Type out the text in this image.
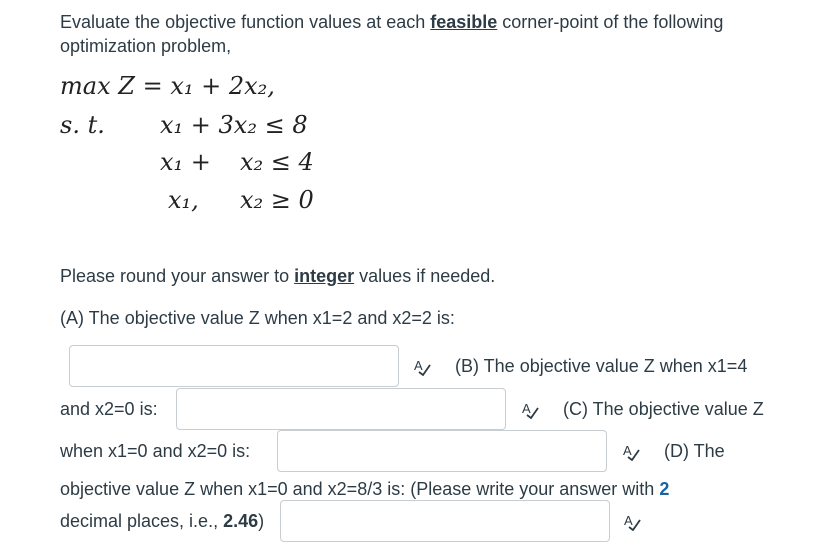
Evaluate the objective function values at each feasible corner-point of the following
optimization problem,
max Z = x₁ + 2x₂,
s. t. x₁ + 3x₂ ≤ 8
x₁ + x₂ ≤ 4
x₁, x₂ ≥ 0
Please round your answer to integer values if needed.
(A) The objective value Z when x1=2 and x2=2 is:
A (B) The objective value Z when x1=4
and x2=0 is:	A (C) The objective value Z
when x1=0 and x2=0 is:	A (D) The
objective value Z when x1=0 and x2=8/3 is: (Please write your answer with 2
decimal places, i.e., 2.46)	A
